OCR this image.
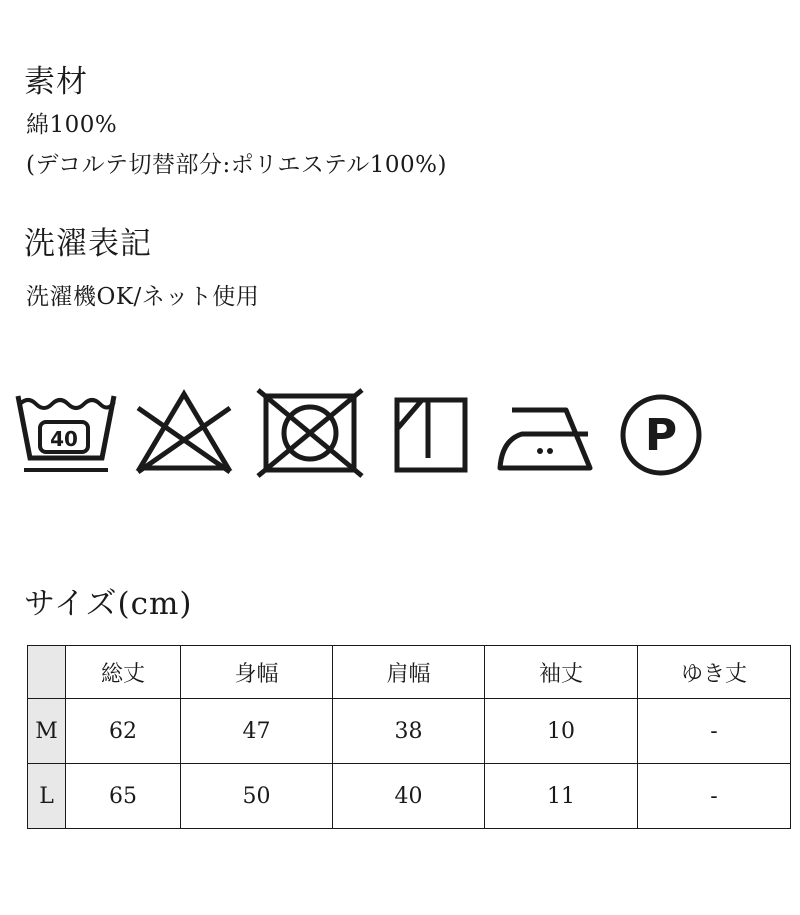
素材
綿100%
(デコルテ切替部分:ポリエステル100%)
洗濯表記
洗濯機OK/ネット使用
40	P
サイズ(cm)
	総丈	身幅	肩幅	袖丈	ゆき丈
M	62	47	38	10	-
L	65	50	40	11	-
